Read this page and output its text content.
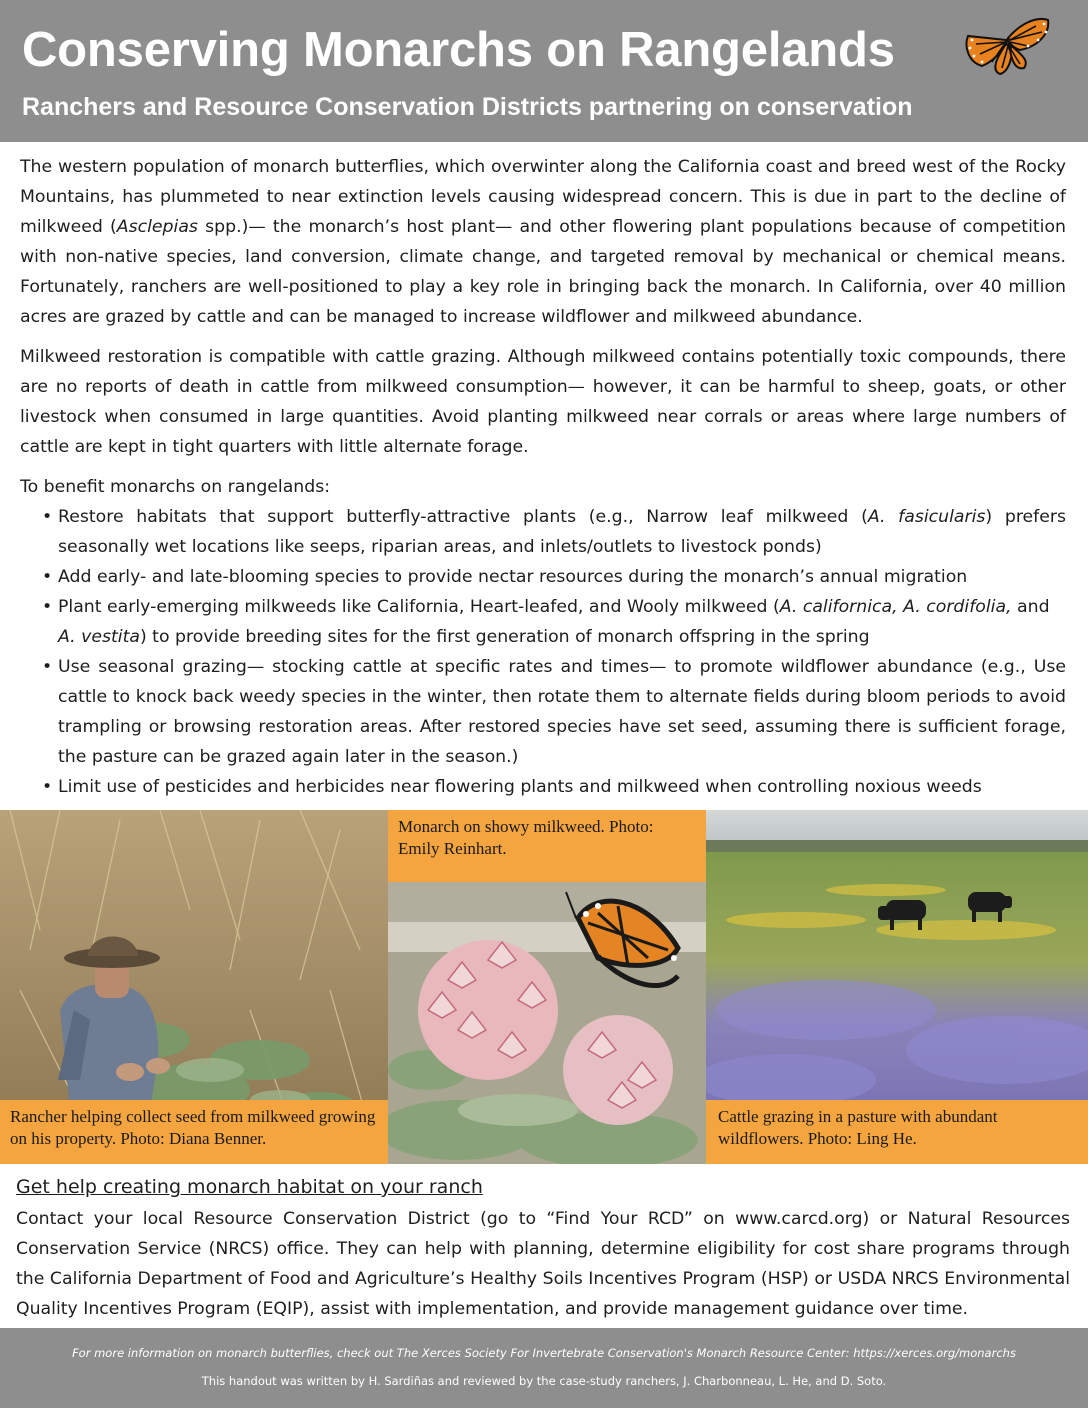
Conserving Monarchs on Rangelands
Ranchers and Resource Conservation Districts partnering on conservation

The western population of monarch butterflies, which overwinter along the California coast and breed west of the Rocky Mountains, has plummeted to near extinction levels causing widespread concern. This is due in part to the decline of milkweed (Asclepias spp.)— the monarch’s host plant— and other flowering plant populations because of competition with non-native species, land conversion, climate change, and targeted removal by mechanical or chemical means. Fortunately, ranchers are well-positioned to play a key role in bringing back the monarch. In California, over 40 million acres are grazed by cattle and can be managed to increase wildflower and milkweed abundance.

Milkweed restoration is compatible with cattle grazing. Although milkweed contains potentially toxic compounds, there are no reports of death in cattle from milkweed consumption— however, it can be harmful to sheep, goats, or other livestock when consumed in large quantities. Avoid planting milkweed near corrals or areas where large numbers of cattle are kept in tight quarters with little alternate forage.

To benefit monarchs on rangelands:

• Restore habitats that support butterfly-attractive plants (e.g., Narrow leaf milkweed (A. fasicularis) prefers seasonally wet locations like seeps, riparian areas, and inlets/outlets to livestock ponds)
• Add early- and late-blooming species to provide nectar resources during the monarch’s annual migration
• Plant early-emerging milkweeds like California, Heart-leafed, and Wooly milkweed (A. californica, A. cordifolia, and A. vestita) to provide breeding sites for the first generation of monarch offspring in the spring
• Use seasonal grazing— stocking cattle at specific rates and times— to promote wildflower abundance (e.g., Use cattle to knock back weedy species in the winter, then rotate them to alternate fields during bloom periods to avoid trampling or browsing restoration areas. After restored species have set seed, assuming there is sufficient forage, the pasture can be grazed again later in the season.)
• Limit use of pesticides and herbicides near flowering plants and milkweed when controlling noxious weeds
Rancher helping collect seed from milkweed growing on his property. Photo: Diana Benner.
Monarch on showy milkweed. Photo: Emily Reinhart.
Cattle grazing in a pasture with abundant wildflowers. Photo: Ling He.
Get help creating monarch habitat on your ranch

Contact your local Resource Conservation District (go to “Find Your RCD” on www.carcd.org) or Natural Resources Conservation Service (NRCS) office. They can help with planning, determine eligibility for cost share programs through the California Department of Food and Agriculture’s Healthy Soils Incentives Program (HSP) or USDA NRCS Environmental Quality Incentives Program (EQIP), assist with implementation, and provide management guidance over time.

For more information on monarch butterflies, check out The Xerces Society For Invertebrate Conservation's Monarch Resource Center: https://xerces.org/monarchs
This handout was written by H. Sardiñas and reviewed by the case-study ranchers, J. Charbonneau, L. He, and D. Soto.
